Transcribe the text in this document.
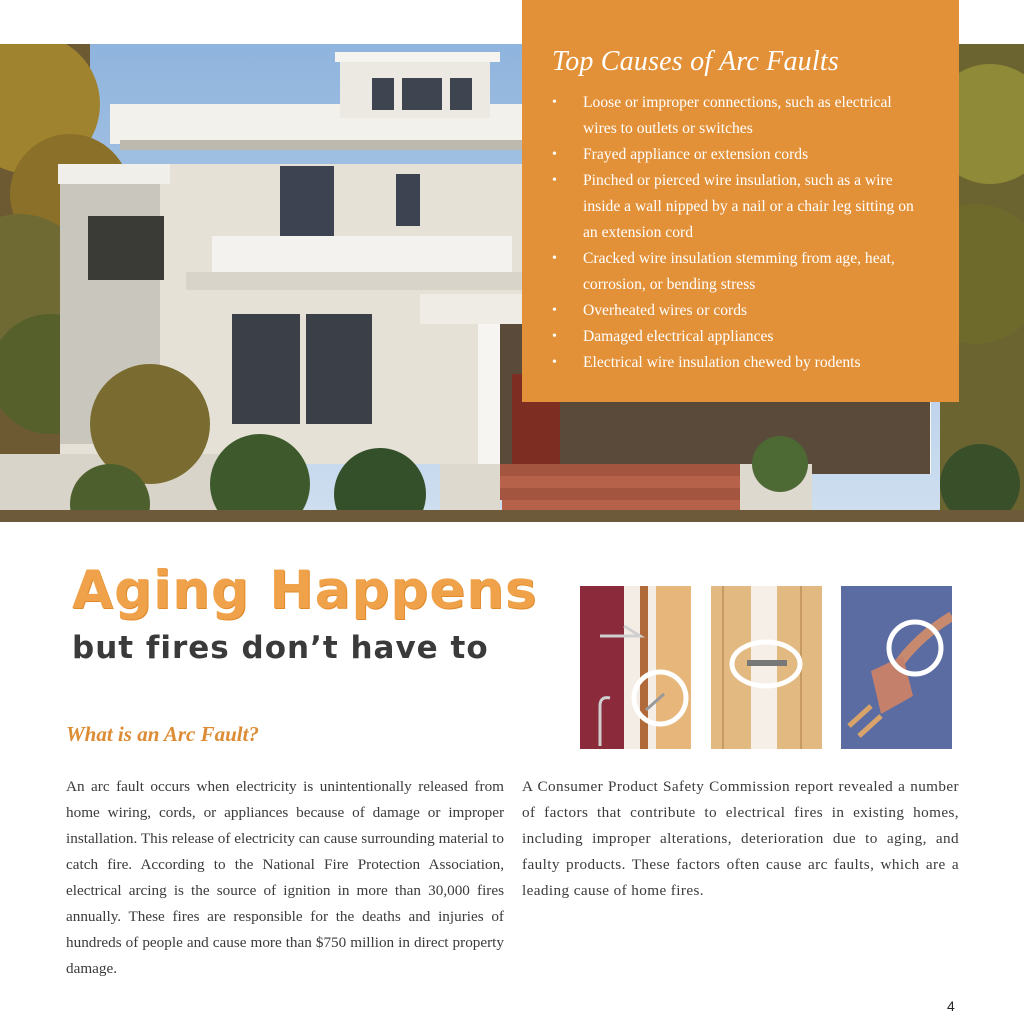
Top Causes of Arc Faults
• Loose or improper connections, such as electrical wires to outlets or switches
• Frayed appliance or extension cords
• Pinched or pierced wire insulation, such as a wire inside a wall nipped by a nail or a chair leg sitting on an extension cord
• Cracked wire insulation stemming from age, heat, corrosion, or bending stress
• Overheated wires or cords
• Damaged electrical appliances
• Electrical wire insulation chewed by rodents
Aging Happens
but fires don’t have to
What is an Arc Fault?

An arc fault occurs when electricity is unintentionally released from home wiring, cords, or appliances because of damage or improper installation. This release of electricity can cause surrounding material to catch fire. According to the National Fire Protection Association, electrical arcing is the source of ignition in more than 30,000 fires annually. These fires are responsible for the deaths and injuries of hundreds of people and cause more than $750 million in direct property damage.

A Consumer Product Safety Commission report revealed a number of factors that contribute to electrical fires in existing homes, including improper alterations, deterioration due to aging, and faulty products. These factors often cause arc faults, which are a leading cause of home fires.

4
